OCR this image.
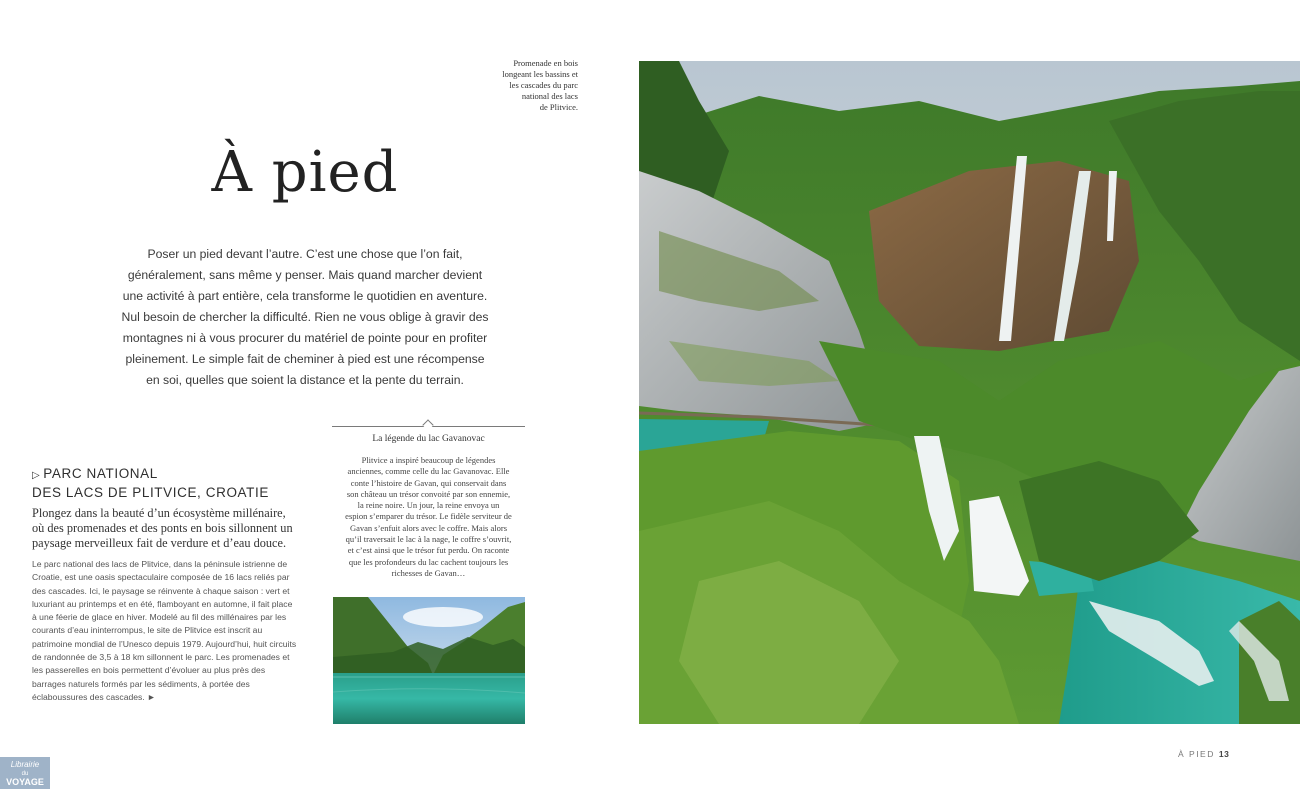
Promenade en bois
longeant les bassins et
les cascades du parc
national des lacs
de Plitvice.
À pied
Poser un pied devant l’autre. C’est une chose que l’on fait,
généralement, sans même y penser. Mais quand marcher devient
une activité à part entière, cela transforme le quotidien en aventure.
Nul besoin de chercher la difficulté. Rien ne vous oblige à gravir des
montagnes ni à vous procurer du matériel de pointe pour en profiter
pleinement. Le simple fait de cheminer à pied est une récompense
en soi, quelles que soient la distance et la pente du terrain.
▷ PARC NATIONAL
DES LACS DE PLITVICE, CROATIE
Plongez dans la beauté d’un écosystème millénaire, où des promenades et des ponts en bois sillonnent un paysage merveilleux fait de verdure et d’eau douce.
Le parc national des lacs de Plitvice, dans la péninsule istrienne de Croatie, est une oasis spectaculaire composée de 16 lacs reliés par des cascades. Ici, le paysage se réinvente à chaque saison : vert et luxuriant au printemps et en été, flamboyant en automne, il fait place à une féerie de glace en hiver. Modelé au fil des millénaires par les courants d’eau ininterrompus, le site de Plitvice est inscrit au patrimoine mondial de l’Unesco depuis 1979. Aujourd’hui, huit circuits de randonnée de 3,5 à 18 km sillonnent le parc. Les promenades et les passerelles en bois permettent d’évoluer au plus près des barrages naturels formés par les sédiments, à portée des éclaboussures des cascades. ►
La légende du lac Gavanovac
Plitvice a inspiré beaucoup de légendes
anciennes, comme celle du lac Gavanovac. Elle
conte l’histoire de Gavan, qui conservait dans
son château un trésor convoité par son ennemie,
la reine noire. Un jour, la reine envoya un
espion s’emparer du trésor. Le fidèle serviteur de
Gavan s’enfuit alors avec le coffre. Mais alors
qu’il traversait le lac à la nage, le coffre s’ouvrit,
et c’est ainsi que le trésor fut perdu. On raconte
que les profondeurs du lac cachent toujours les
richesses de Gavan…
À PIED 13
Librairie
du
VOYAGE
